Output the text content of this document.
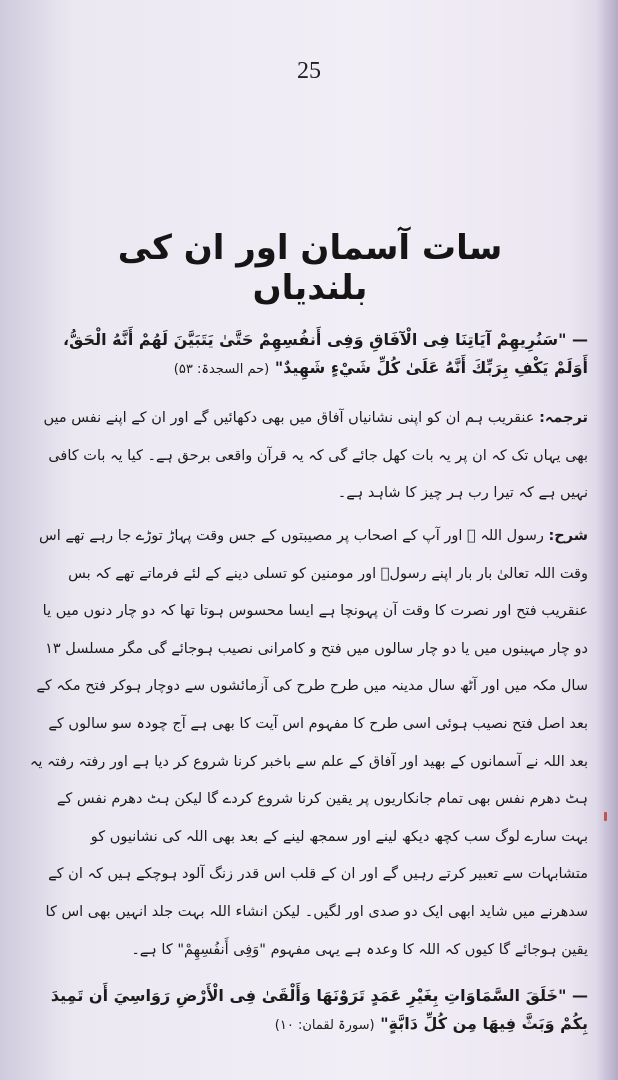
25
سات آسمان اور ان کی بلندیاں
— "سَنُرِيهِمْ آيَاتِنَا فِى الْآفَاقِ وَفِى أَنفُسِهِمْ حَتَّىٰ يَتَبَيَّنَ لَهُمْ أَنَّهُ الْحَقُّ، أَوَلَمْ يَكْفِ بِرَبِّكَ أَنَّهُ عَلَىٰ كُلِّ شَيْءٍ شَهِيدٌ" (حم السجدۃ: ۵۳)
ترجمہ: عنقریب ہم ان کو اپنی نشانیاں آفاق میں بھی دکھائیں گے اور ان کے اپنے نفس میں بھی یہاں تک کہ ان پر یہ بات کھل جائے گی کہ یہ قرآن واقعی برحق ہے۔ کیا یہ بات کافی نہیں ہے کہ تیرا رب ہر چیز کا شاہد ہے۔
شرح: رسول اللہ ﷺ اور آپ کے اصحاب پر مصیبتوں کے جس وقت پہاڑ توڑے جا رہے تھے اس وقت اللہ تعالیٰ بار بار اپنے رسولؐ اور مومنین کو تسلی دینے کے لئے فرماتے تھے کہ بس عنقریب فتح اور نصرت کا وقت آن پہونچا ہے ایسا محسوس ہوتا تھا کہ دو چار دنوں میں یا دو چار مہینوں میں یا دو چار سالوں میں فتح و کامرانی نصیب ہوجائے گی مگر مسلسل ۱۳ سال مکہ میں اور آٹھ سال مدینہ میں طرح طرح کی آزمائشوں سے دوچار ہوکر فتح مکہ کے بعد اصل فتح نصیب ہوئی اسی طرح کا مفہوم اس آیت کا بھی ہے آج چودہ سو سالوں کے بعد اللہ نے آسمانوں کے بھید اور آفاق کے علم سے باخبر کرنا شروع کر دیا ہے اور رفتہ رفتہ یہ ہٹ دھرم نفس بھی تمام جانکاریوں پر یقین کرنا شروع کردے گا لیکن ہٹ دھرم نفس کے بہت سارے لوگ سب کچھ دیکھ لینے اور سمجھ لینے کے بعد بھی اللہ کی نشانیوں کو متشابہات سے تعبیر کرتے رہیں گے اور ان کے قلب اس قدر زنگ آلود ہوچکے ہیں کہ ان کے سدھرنے میں شاید ابھی ایک دو صدی اور لگیں۔ لیکن انشاء اللہ بہت جلد انہیں بھی اس کا یقین ہوجائے گا کیوں کہ اللہ کا وعدہ ہے یہی مفہوم "وَفِى أَنفُسِهِمْ" کا ہے۔
— "خَلَقَ السَّمَاوَاتِ بِغَيْرِ عَمَدٍ تَرَوْنَهَا وَأَلْقَىٰ فِى الْأَرْضِ رَوَاسِيَ أَن تَمِيدَ بِكُمْ وَبَثَّ فِيهَا مِن كُلِّ دَابَّةٍ" (سورۃ لقمان: ۱۰)
